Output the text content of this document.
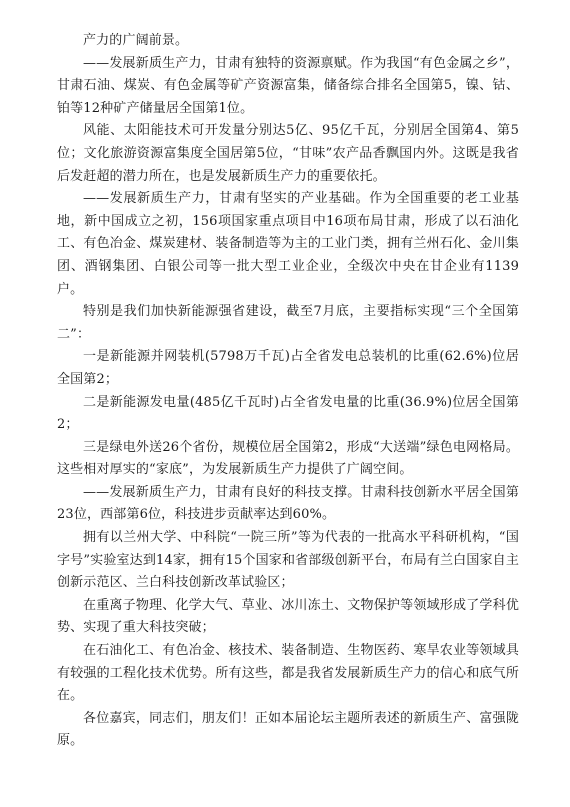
产力的广阔前景。

——发展新质生产力，甘肃有独特的资源禀赋。作为我国“有色金属之乡”，甘肃石油、煤炭、有色金属等矿产资源富集，储备综合排名全国第5，镍、钴、铂等12种矿产储量居全国第1位。

风能、太阳能技术可开发量分别达5亿、95亿千瓦，分别居全国第4、第5位；文化旅游资源富集度全国居第5位，“甘味”农产品香飘国内外。这既是我省后发赶超的潜力所在，也是发展新质生产力的重要依托。

——发展新质生产力，甘肃有坚实的产业基础。作为全国重要的老工业基地，新中国成立之初，156项国家重点项目中16项布局甘肃，形成了以石油化工、有色冶金、煤炭建材、装备制造等为主的工业门类，拥有兰州石化、金川集团、酒钢集团、白银公司等一批大型工业企业，全级次中央在甘企业有1139户。

特别是我们加快新能源强省建设，截至7月底，主要指标实现“三个全国第二”：

一是新能源并网装机(5798万千瓦)占全省发电总装机的比重(62.6%)位居全国第2；

二是新能源发电量(485亿千瓦时)占全省发电量的比重(36.9%)位居全国第2；

三是绿电外送26个省份，规模位居全国第2，形成“大送端”绿色电网格局。这些相对厚实的“家底”，为发展新质生产力提供了广阔空间。

——发展新质生产力，甘肃有良好的科技支撑。甘肃科技创新水平居全国第23位，西部第6位，科技进步贡献率达到60%。

拥有以兰州大学、中科院“一院三所”等为代表的一批高水平科研机构，“国字号”实验室达到14家，拥有15个国家和省部级创新平台，布局有兰白国家自主创新示范区、兰白科技创新改革试验区；

在重离子物理、化学大气、草业、冰川冻土、文物保护等领域形成了学科优势、实现了重大科技突破；

在石油化工、有色冶金、核技术、装备制造、生物医药、寒旱农业等领域具有较强的工程化技术优势。所有这些，都是我省发展新质生产力的信心和底气所在。

各位嘉宾，同志们，朋友们！正如本届论坛主题所表述的新质生产、富强陇原。
